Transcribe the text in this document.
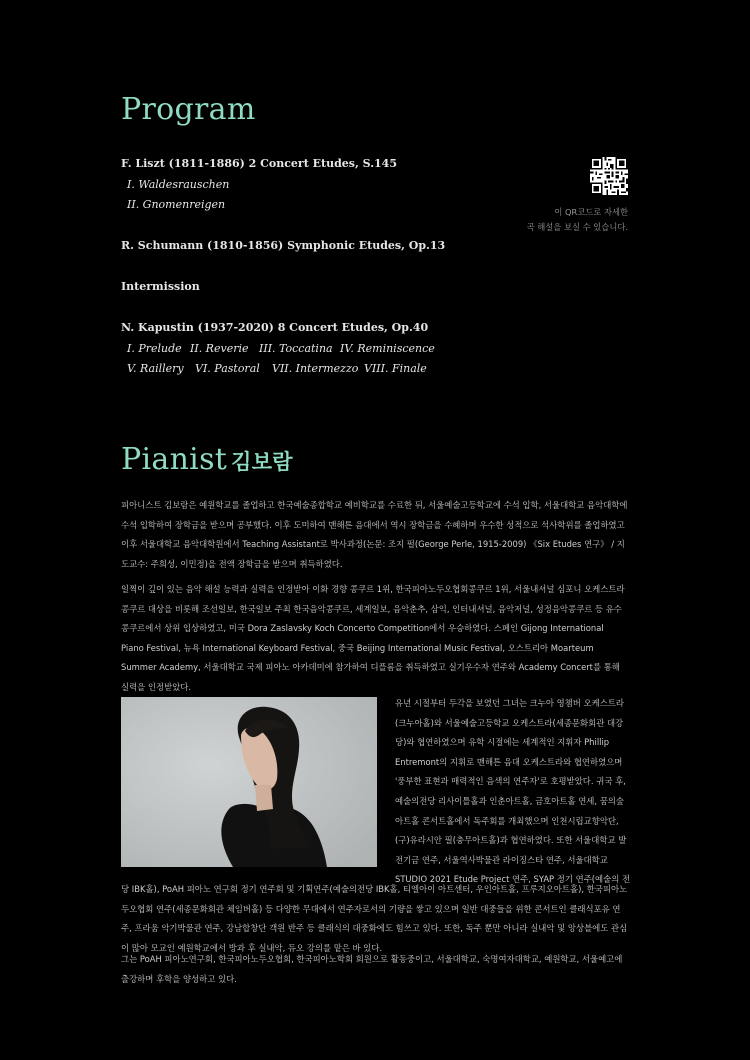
Program

F. Liszt (1811-1886) 2 Concert Etudes, S.145

I. Waldesrauschen

II. Gnomenreigen

R. Schumann (1810-1856) Symphonic Etudes, Op.13

Intermission

N. Kapustin (1937-2020) 8 Concert Etudes, Op.40

I. Prelude II. Reverie III. Toccatina IV. Reminiscence
V. Raillery	VI. Pastoral	VII. Intermezzo VIII. Finale
이 QR코드로 자세한
곡 해설을 보실 수 있습니다.
Pianist 김보람

피아니스트 김보람은 예원학교를 졸업하고 한국예술종합학교 예비학교를 수료한 뒤, 서울예술고등학교에 수석 입학, 서울대학교 음악대학에 수석 입학하여 장학금을 받으며 공부했다. 이후 도미하여 맨해튼 음대에서 역시 장학금을 수혜하며 우수한 성적으로 석사학위를 졸업하였고 이후 서울대학교 음악대학원에서 Teaching Assistant로 박사과정(논문: 조지 펄(George Perle, 1915-2009) 《Six Etudes 연구》 / 지도교수: 주희성, 이민정)을 전액 장학금을 받으며 취득하였다.

일찍이 깊이 있는 음악 해설 능력과 실력을 인정받아 이화 경향 콩쿠르 1위, 한국피아노두오협회콩쿠르 1위, 서울내셔널 심포니 오케스트라 콩쿠르 대상을 비롯해 조선일보, 한국일보 주최 한국음악콩쿠르, 세계일보, 음악춘추, 삼익, 인터내셔널, 음악저널, 성정음악콩쿠르 등 유수 콩쿠르에서 상위 입상하였고, 미국 Dora Zaslavsky Koch Concerto Competition에서 우승하였다. 스페인 Gijong International Piano Festival, 뉴욕 International Keyboard Festival, 중국 Beijing International Music Festival, 오스트리아 Moarteum Summer Academy, 서울대학교 국제 피아노 아카데미에 참가하여 디플롬을 취득하였고 실기우수자 연주와 Academy Concert를 통해 실력을 인정받았다.

유년 시절부터 두각을 보였던 그녀는 크누아 영챔버 오케스트라(크누아홀)와 서울예술고등학교 오케스트라(세종문화회관 대강당)와 협연하였으며 유학 시절에는 세계적인 지휘자 Phillip Entremont의 지휘로 맨해튼 음대 오케스트라와 협연하였으며 '풍부한 표현과 매력적인 음색의 연주자'로 호평받았다. 귀국 후, 예술의전당 리사이틀홀과 인춘아트홀, 금호아트홀 연세, 꿈의숲 아트홀 콘서트홀에서 독주회를 개최했으며 인천시립교향악단, (구)유라시안 필(충무아트홀)과 협연하였다. 또한 서울대학교 발전기금 연주, 서울역사박물관 라이징스타 연주, 서울대학교 STUDIO 2021 Etude Project 연주, SYAP 정기 연주(예술의 전

당 IBK홀), PoAH 피아노 연구회 정기 연주회 및 기획연주(예술의전당 IBK홀, 티엘아이 아트센터, 우인아트홀, 프루지오아트홀), 한국피아노두오협회 연주(세종문화회관 체임버홀) 등 다양한 무대에서 연주자로서의 기량을 쌓고 있으며 일반 대중들을 위한 콘서트인 클래식포유 연주, 프라움 악기박물관 연주, 강남합창단 객원 반주 등 클래식의 대중화에도 힘쓰고 있다. 또한, 독주 뿐만 아니라 실내악 및 앙상블에도 관심이 많아 모교인 예원학교에서 방과 후 실내악, 듀오 강의를 맡은 바 있다.

그는 PoAH 피아노연구회, 한국피아노두오협회, 한국피아노학회 회원으로 활동중이고, 서울대학교, 숙명여자대학교, 예원학교, 서울예고에 출강하며 후학을 양성하고 있다.
